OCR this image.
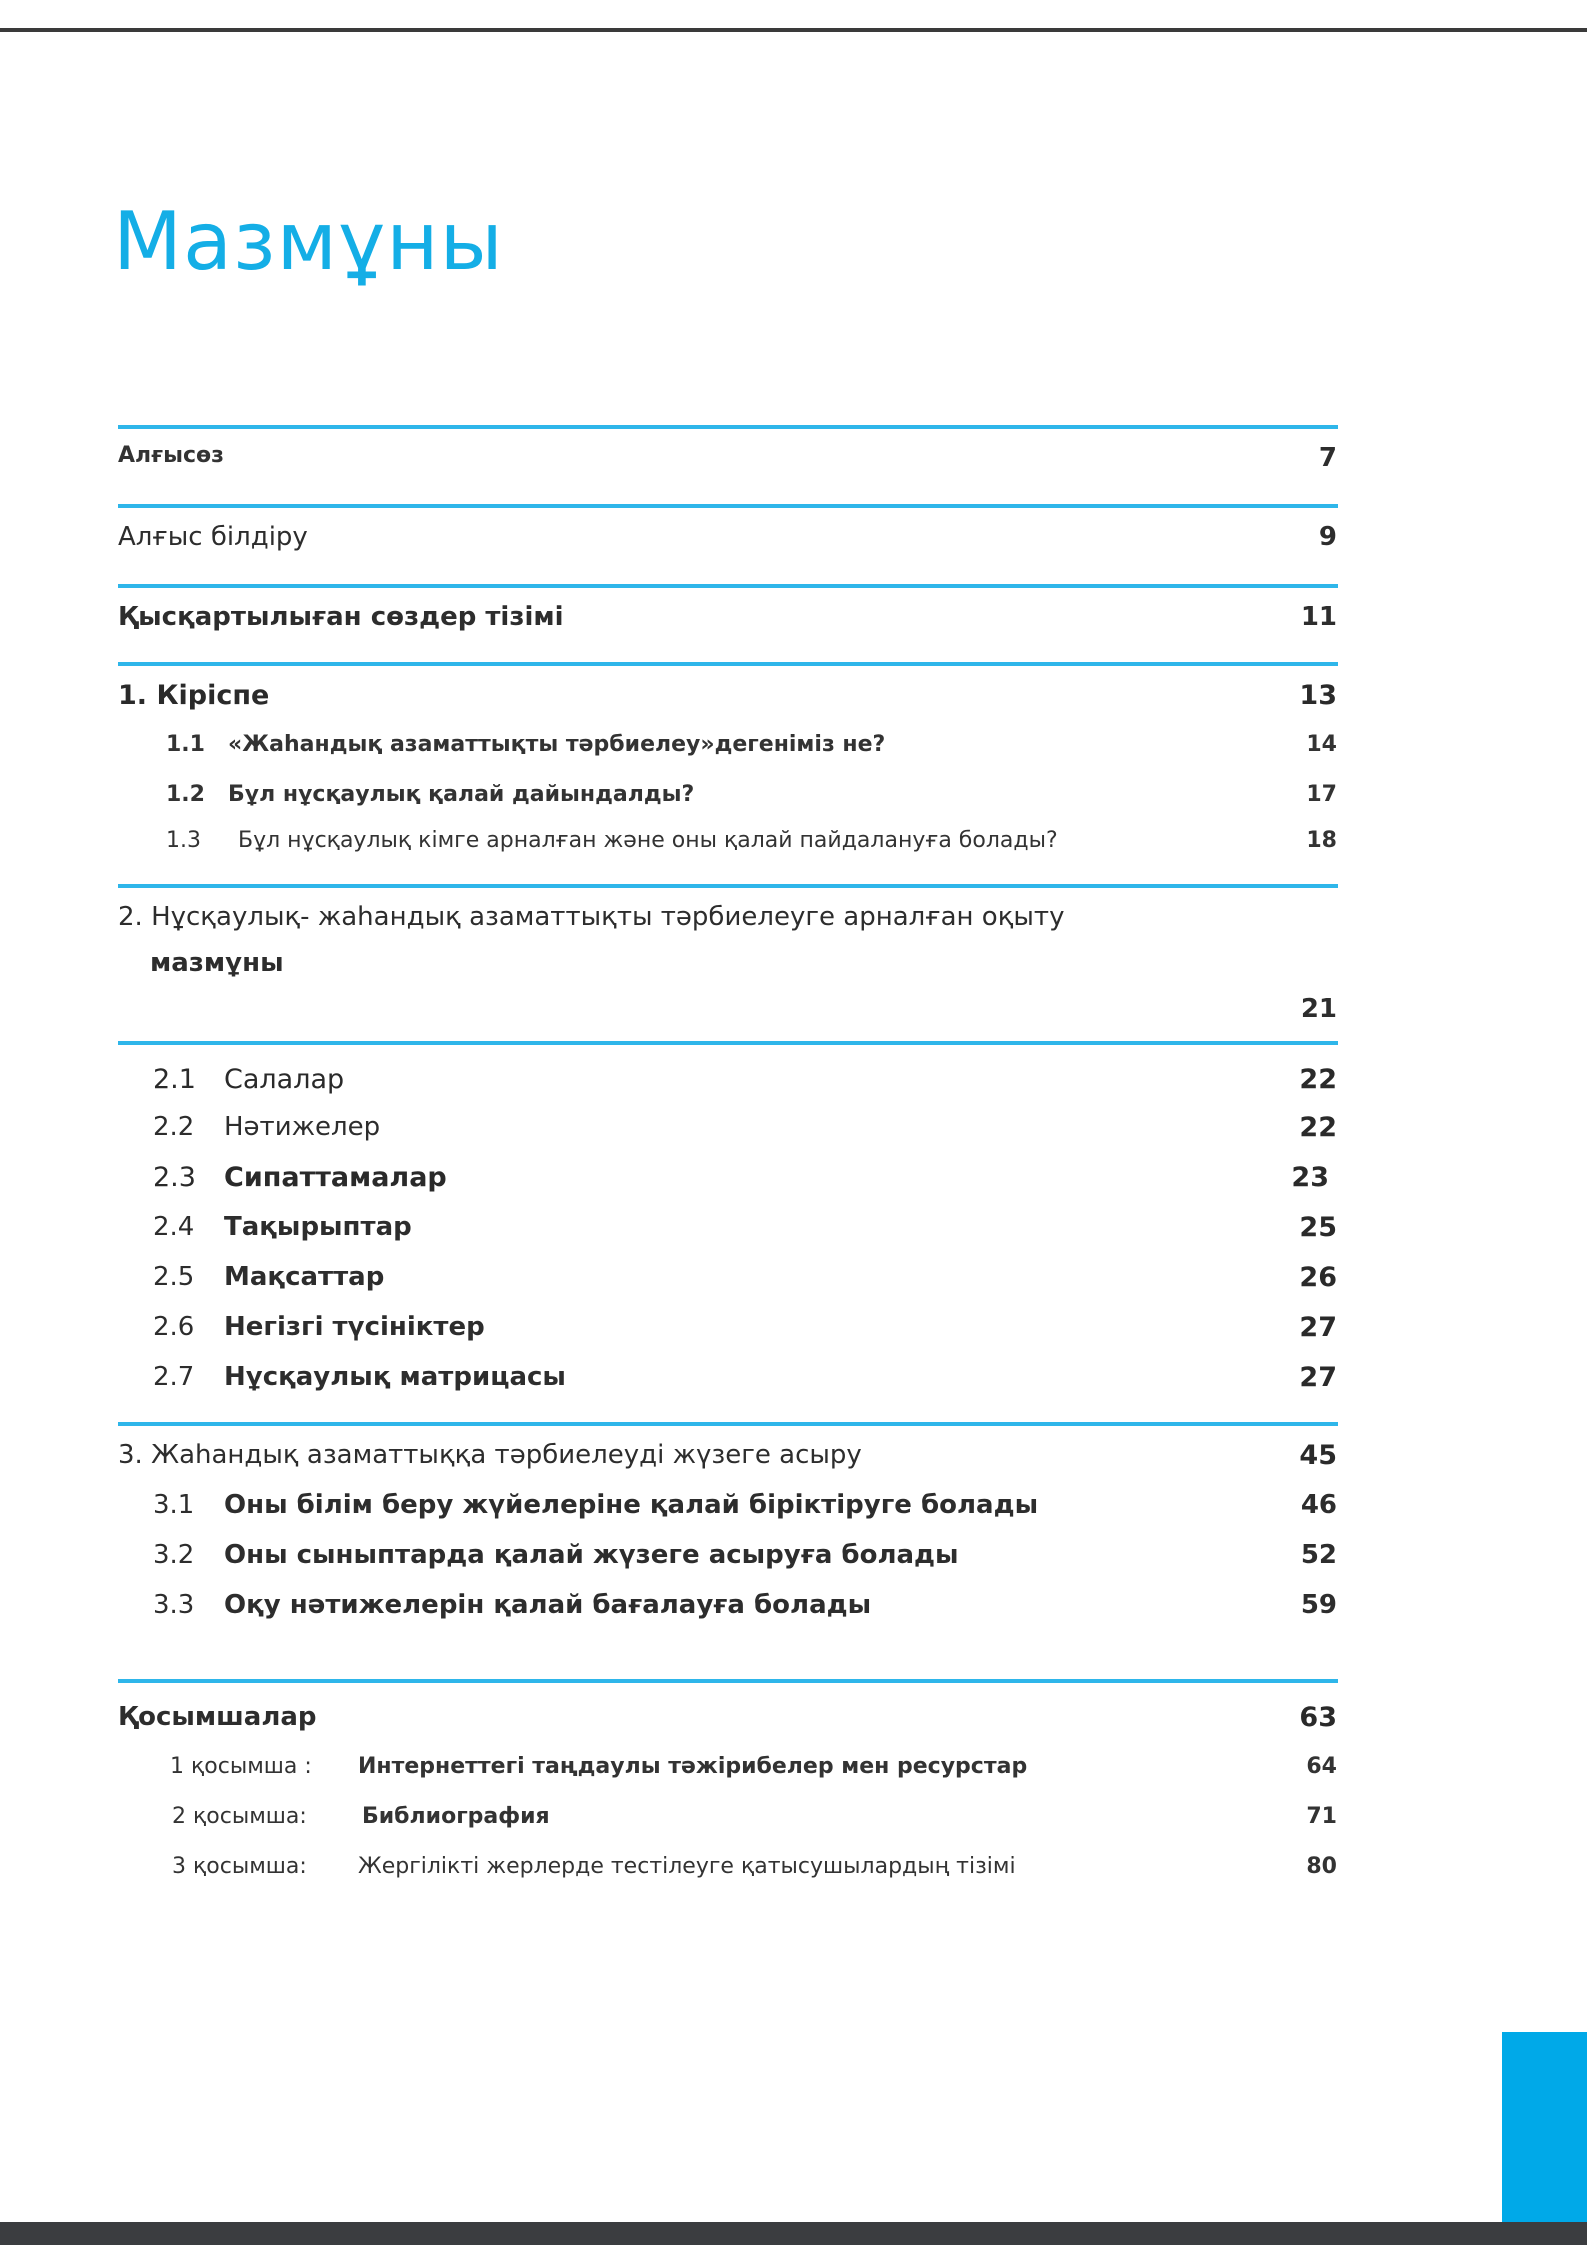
Мазмұны
Алғысөз	7
Алғыс білдіру	9
Қысқартылыған сөздер тізімі	11
1. Кіріспе	13
1.1 «Жаһандық азаматтықты тәрбиелеу»дегеніміз не?	14
1.2 Бұл нұсқаулық қалай дайындалды?	17
1.3 Бұл нұсқаулық кімге арналған және оны қалай пайдалануға болады?	18
2. Нұсқаулық- жаһандық азаматтықты тәрбиелеуге арналған оқыту
мазмұны
21
2.1 Салалар	22
2.2 Нәтижелер	22
2.3 Сипаттамалар	23
2.4 Тақырыптар	25
2.5 Мақсаттар	26
2.6 Негізгі түсініктер	27
2.7 Нұсқаулық матрицасы	27
3. Жаһандық азаматтыққа тәрбиелеуді жүзеге асыру	45
3.1 Оны білім беру жүйелеріне қалай біріктіруге болады	46
3.2 Оны сыныптарда қалай жүзеге асыруға болады	52
3.3 Оқу нәтижелерін қалай бағалауға болады	59
Қосымшалар	63
1 қосымша : Интернеттегі таңдаулы тәжірибелер мен ресурстар	64
2 қосымша:	Библиография	71
3 қосымша: Жергілікті жерлерде тестілеуге қатысушылардың тізімі	80
